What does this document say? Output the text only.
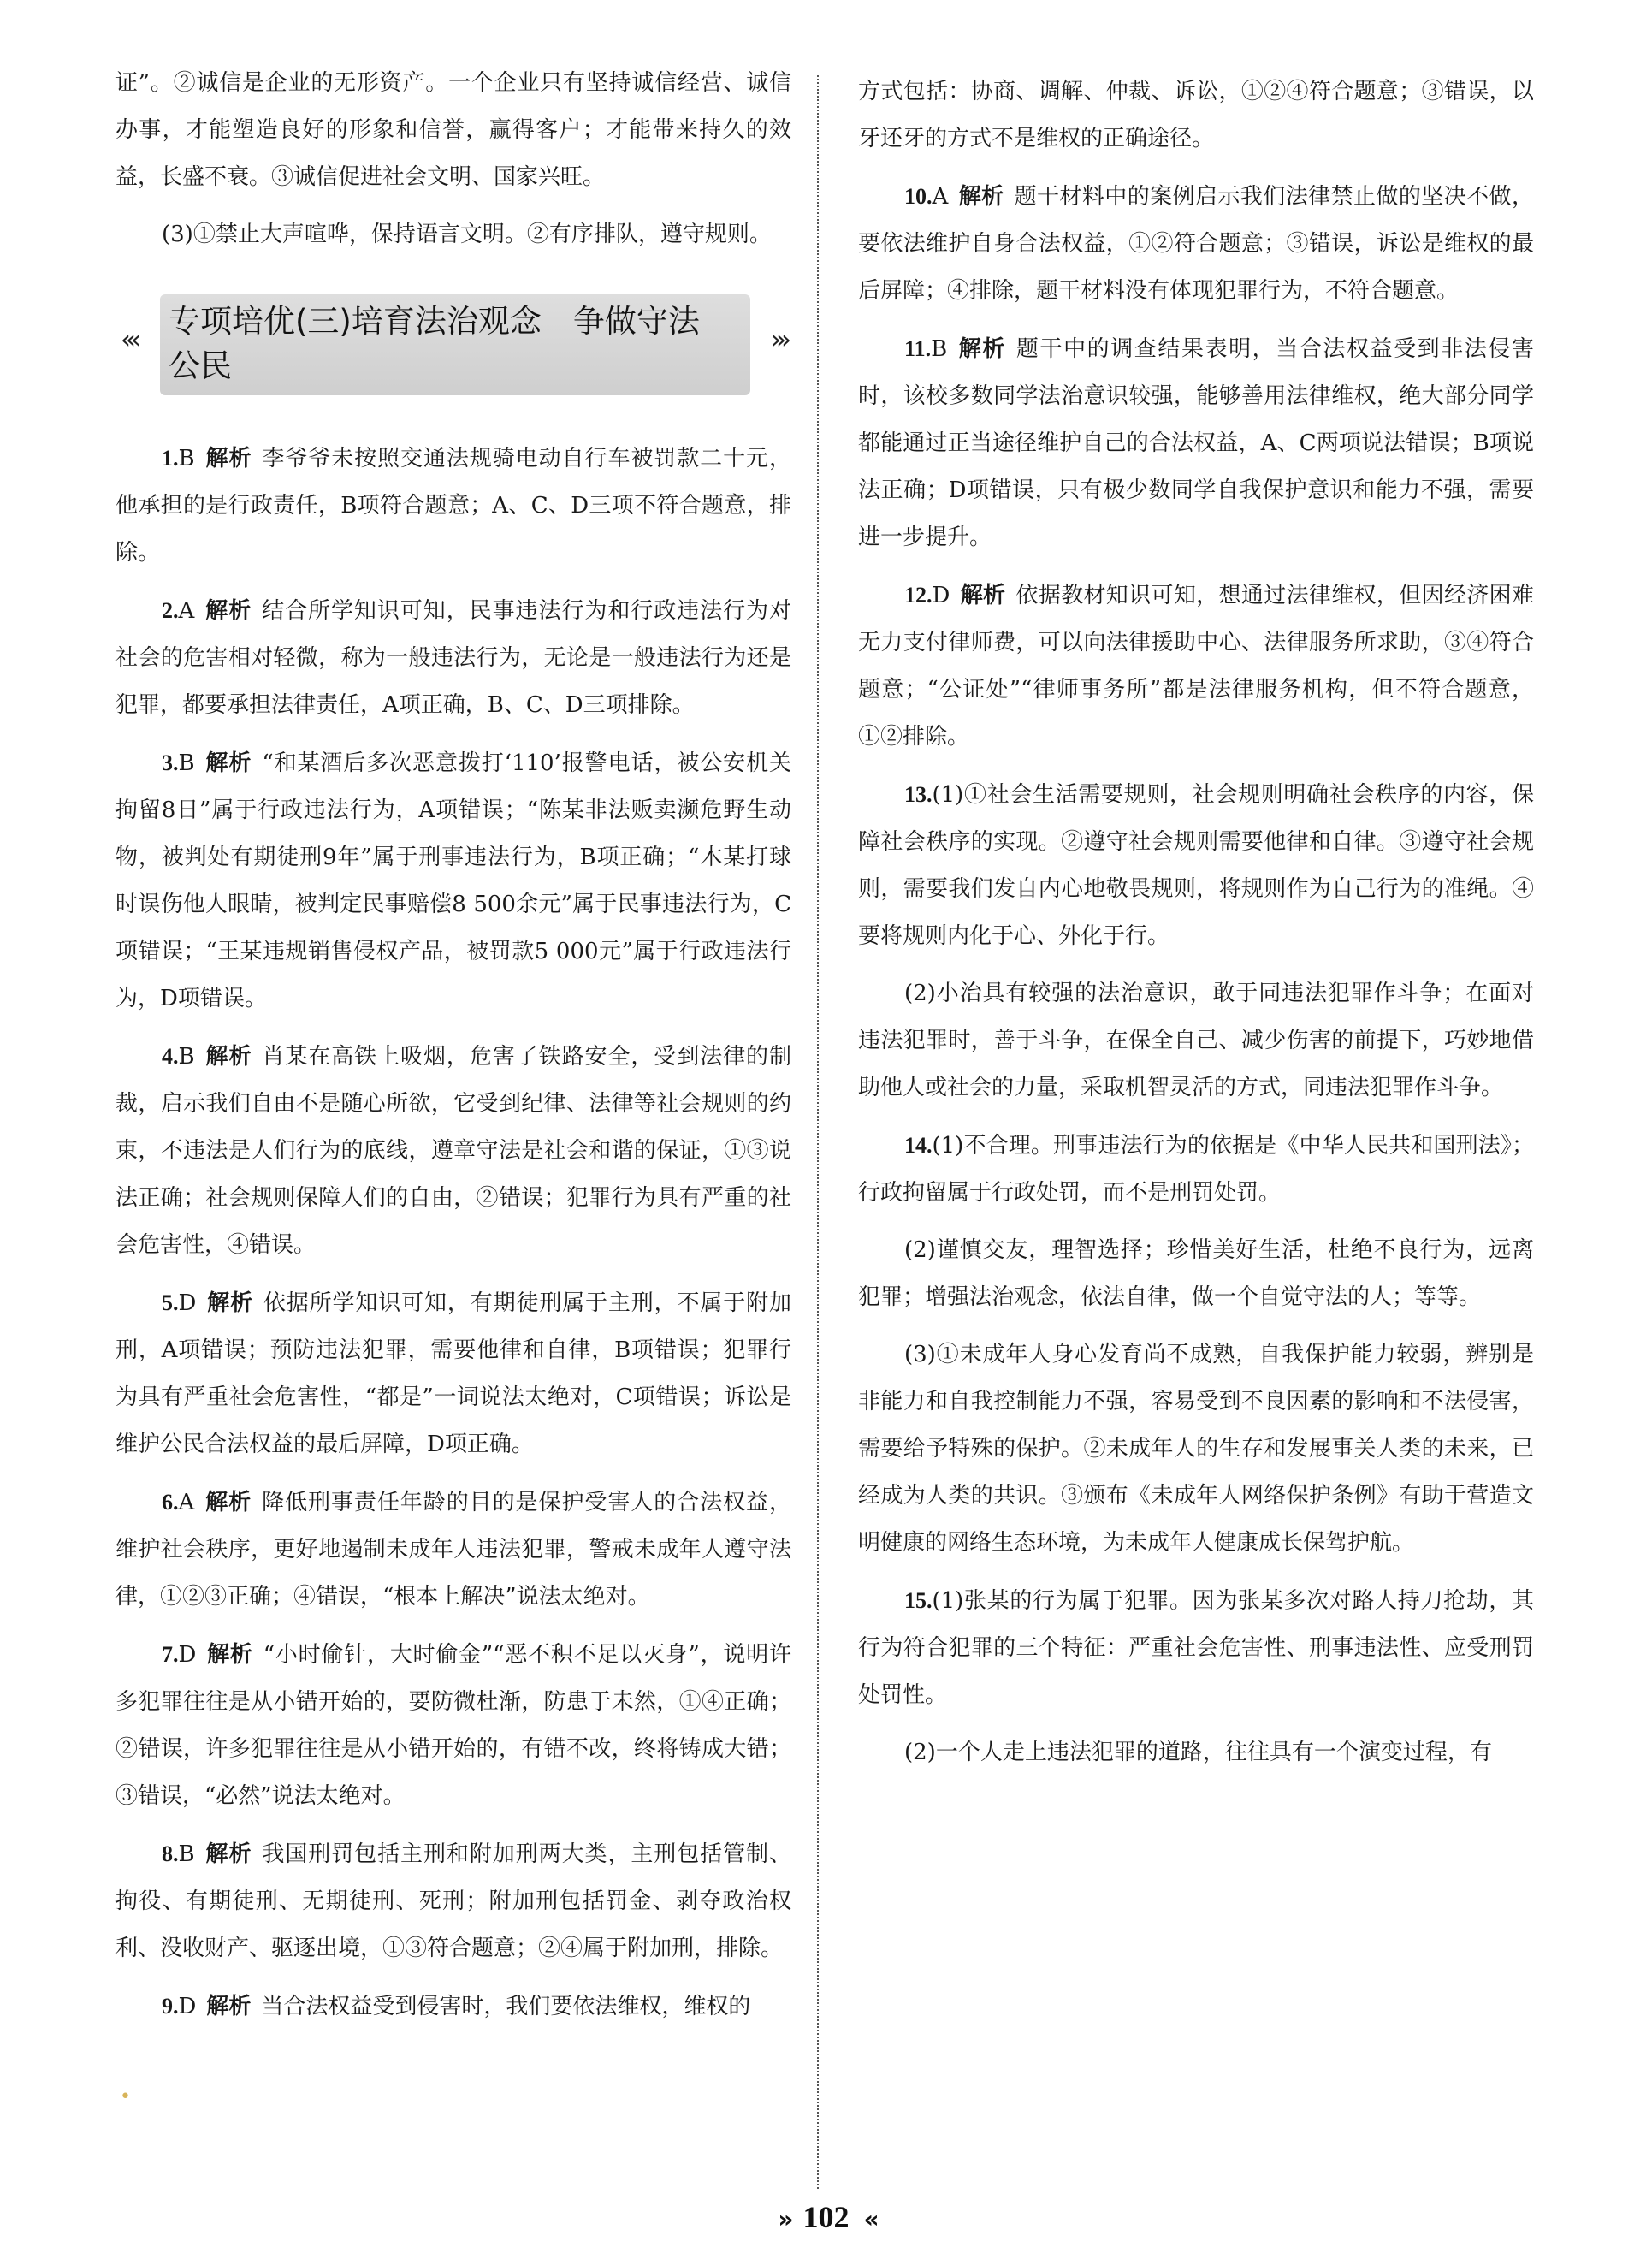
证”。②诚信是企业的无形资产。一个企业只有坚持诚信经营、诚信办事，才能塑造良好的形象和信誉，赢得客户；才能带来持久的效益，长盛不衰。③诚信促进社会文明、国家兴旺。

(3)①禁止大声喧哗，保持语言文明。②有序排队，遵守规则。

‹‹‹
专项培优(三)培育法治观念　争做守法公民
›››

1.B 解析 李爷爷未按照交通法规骑电动自行车被罚款二十元，他承担的是行政责任，B项符合题意；A、C、D三项不符合题意，排除。

2.A 解析 结合所学知识可知，民事违法行为和行政违法行为对社会的危害相对轻微，称为一般违法行为，无论是一般违法行为还是犯罪，都要承担法律责任，A项正确，B、C、D三项排除。

3.B 解析 “和某酒后多次恶意拨打‘110’报警电话，被公安机关拘留8日”属于行政违法行为，A项错误；“陈某非法贩卖濒危野生动物，被判处有期徒刑9年”属于刑事违法行为，B项正确；“木某打球时误伤他人眼睛，被判定民事赔偿8 500余元”属于民事违法行为，C项错误；“王某违规销售侵权产品，被罚款5 000元”属于行政违法行为，D项错误。

4.B 解析 肖某在高铁上吸烟，危害了铁路安全，受到法律的制裁，启示我们自由不是随心所欲，它受到纪律、法律等社会规则的约束，不违法是人们行为的底线，遵章守法是社会和谐的保证，①③说法正确；社会规则保障人们的自由，②错误；犯罪行为具有严重的社会危害性，④错误。

5.D 解析 依据所学知识可知，有期徒刑属于主刑，不属于附加刑，A项错误；预防违法犯罪，需要他律和自律，B项错误；犯罪行为具有严重社会危害性，“都是”一词说法太绝对，C项错误；诉讼是维护公民合法权益的最后屏障，D项正确。

6.A 解析 降低刑事责任年龄的目的是保护受害人的合法权益，维护社会秩序，更好地遏制未成年人违法犯罪，警戒未成年人遵守法律，①②③正确；④错误，“根本上解决”说法太绝对。

7.D 解析 “小时偷针，大时偷金”“恶不积不足以灭身”，说明许多犯罪往往是从小错开始的，要防微杜渐，防患于未然，①④正确；②错误，许多犯罪往往是从小错开始的，有错不改，终将铸成大错；③错误，“必然”说法太绝对。

8.B 解析 我国刑罚包括主刑和附加刑两大类，主刑包括管制、拘役、有期徒刑、无期徒刑、死刑；附加刑包括罚金、剥夺政治权利、没收财产、驱逐出境，①③符合题意；②④属于附加刑，排除。

9.D 解析 当合法权益受到侵害时，我们要依法维权，维权的

方式包括：协商、调解、仲裁、诉讼，①②④符合题意；③错误，以牙还牙的方式不是维权的正确途径。

10.A 解析 题干材料中的案例启示我们法律禁止做的坚决不做，要依法维护自身合法权益，①②符合题意；③错误，诉讼是维权的最后屏障；④排除，题干材料没有体现犯罪行为，不符合题意。

11.B 解析 题干中的调查结果表明，当合法权益受到非法侵害时，该校多数同学法治意识较强，能够善用法律维权，绝大部分同学都能通过正当途径维护自己的合法权益，A、C两项说法错误；B项说法正确；D项错误，只有极少数同学自我保护意识和能力不强，需要进一步提升。

12.D 解析 依据教材知识可知，想通过法律维权，但因经济困难无力支付律师费，可以向法律援助中心、法律服务所求助，③④符合题意；“公证处”“律师事务所”都是法律服务机构，但不符合题意，①②排除。

13.(1)①社会生活需要规则，社会规则明确社会秩序的内容，保障社会秩序的实现。②遵守社会规则需要他律和自律。③遵守社会规则，需要我们发自内心地敬畏规则，将规则作为自己行为的准绳。④要将规则内化于心、外化于行。

(2)小治具有较强的法治意识，敢于同违法犯罪作斗争；在面对违法犯罪时，善于斗争，在保全自己、减少伤害的前提下，巧妙地借助他人或社会的力量，采取机智灵活的方式，同违法犯罪作斗争。

14.(1)不合理。刑事违法行为的依据是《中华人民共和国刑法》；行政拘留属于行政处罚，而不是刑罚处罚。

(2)谨慎交友，理智选择；珍惜美好生活，杜绝不良行为，远离犯罪；增强法治观念，依法自律，做一个自觉守法的人；等等。

(3)①未成年人身心发育尚不成熟，自我保护能力较弱，辨别是非能力和自我控制能力不强，容易受到不良因素的影响和不法侵害，需要给予特殊的保护。②未成年人的生存和发展事关人类的未来，已经成为人类的共识。③颁布《未成年人网络保护条例》有助于营造文明健康的网络生态环境，为未成年人健康成长保驾护航。

15.(1)张某的行为属于犯罪。因为张某多次对路人持刀抢劫，其行为符合犯罪的三个特征：严重社会危害性、刑事违法性、应受刑罚处罚性。

(2)一个人走上违法犯罪的道路，往往具有一个演变过程，有

•
» 102 «
